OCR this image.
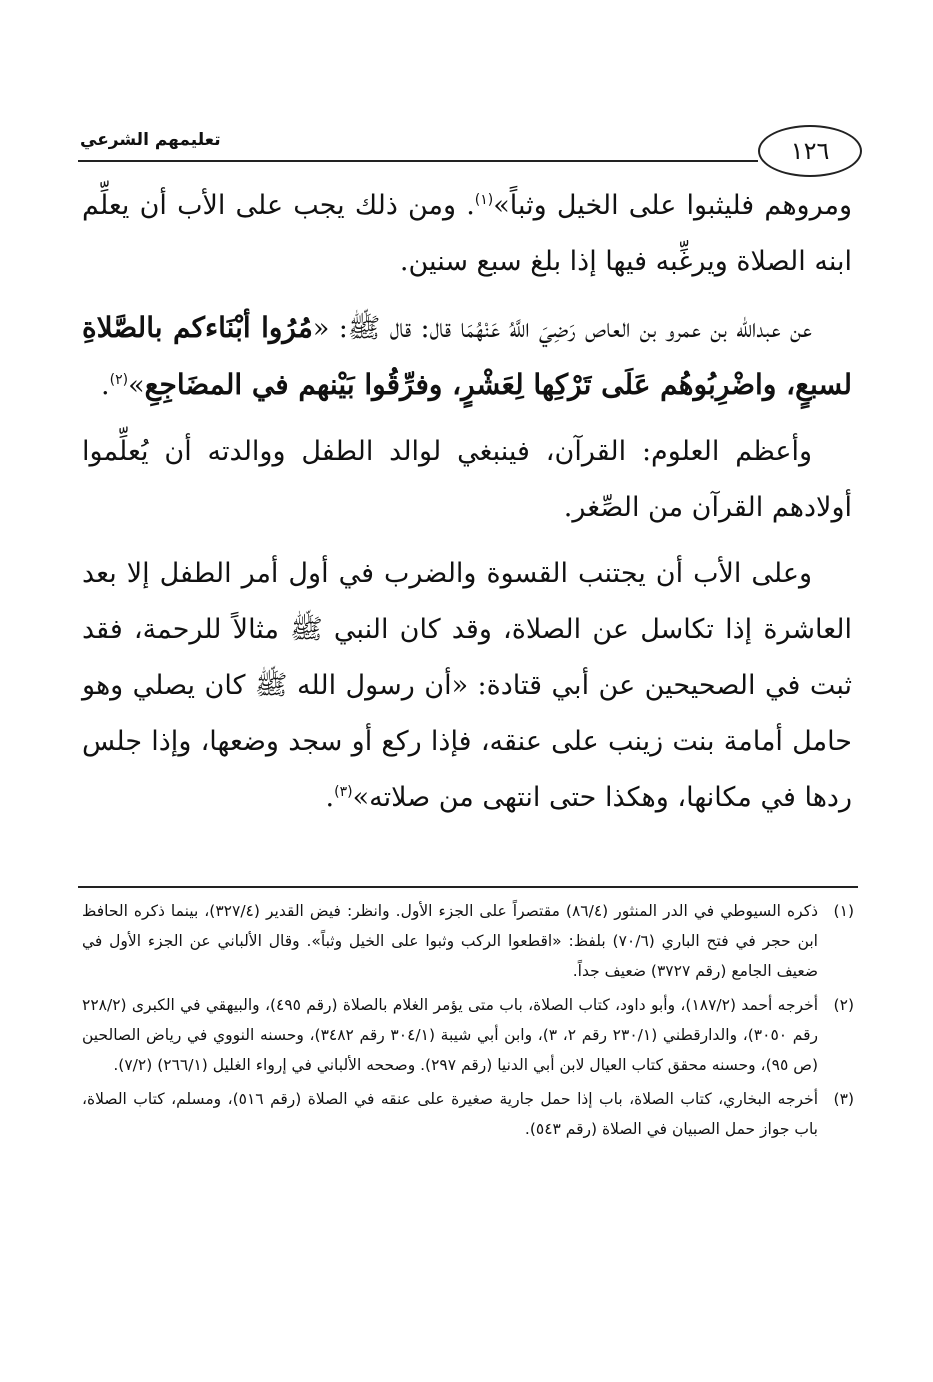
١٢٦
تعليمهم الشرعي

ومروهم فليثبوا على الخيل وثباً»$^{(١)}$. ومن ذلك يجب على الأب أن يعلِّم ابنه الصلاة ويرغِّبه فيها إذا بلغ سبع سنين.

عن عبدالله بن عمرو بن العاص رَضِيَ اللَّهُ عَنْهُمَا قال: قال ﷺ: «مُرُوا أبْنَاءكم بالصَّلاةِ لسبعٍ، واضْرِبُوهُم عَلَى تَرْكِها لِعَشْرٍ، وفرِّقُوا بَيْنهم في المضَاجِعِ»$^{(٢)}$.

وأعظم العلوم: القرآن، فينبغي لوالد الطفل ووالدته أن يُعلِّموا أولادهم القرآن من الصِّغر.

وعلى الأب أن يجتنب القسوة والضرب في أول أمر الطفل إلا بعد العاشرة إذا تكاسل عن الصلاة، وقد كان النبي ﷺ مثالاً للرحمة، فقد ثبت في الصحيحين عن أبي قتادة: «أن رسول الله ﷺ كان يصلي وهو حامل أمامة بنت زينب على عنقه، فإذا ركع أو سجد وضعها، وإذا جلس ردها في مكانها، وهكذا حتى انتهى من صلاته»$^{(٣)}$.

(١)
ذكره السيوطي في الدر المنثور (٨٦/٤) مقتصراً على الجزء الأول. وانظر: فيض القدير (٣٢٧/٤)، بينما ذكره الحافظ ابن حجر في فتح الباري (٧٠/٦) بلفظ: «اقطعوا الركب وثبوا على الخيل وثباً». وقال الألباني عن الجزء الأول في ضعيف الجامع (رقم ٣٧٢٧) ضعيف جداً.
(٢)
أخرجه أحمد (١٨٧/٢)، وأبو داود، كتاب الصلاة، باب متى يؤمر الغلام بالصلاة (رقم ٤٩٥)، والبيهقي في الكبرى (٢٢٨/٢ رقم ٣٠٥٠)، والدارقطني (٢٣٠/١ رقم ٢، ٣)، وابن أبي شيبة (٣٠٤/١ رقم ٣٤٨٢)، وحسنه النووي في رياض الصالحين (ص ٩٥)، وحسنه محقق كتاب العيال لابن أبي الدنيا (رقم ٢٩٧). وصححه الألباني في إرواء الغليل (٢٦٦/١) (٧/٢).
(٣)
أخرجه البخاري، كتاب الصلاة، باب إذا حمل جارية صغيرة على عنقه في الصلاة (رقم ٥١٦)، ومسلم، كتاب الصلاة، باب جواز حمل الصبيان في الصلاة (رقم ٥٤٣).
